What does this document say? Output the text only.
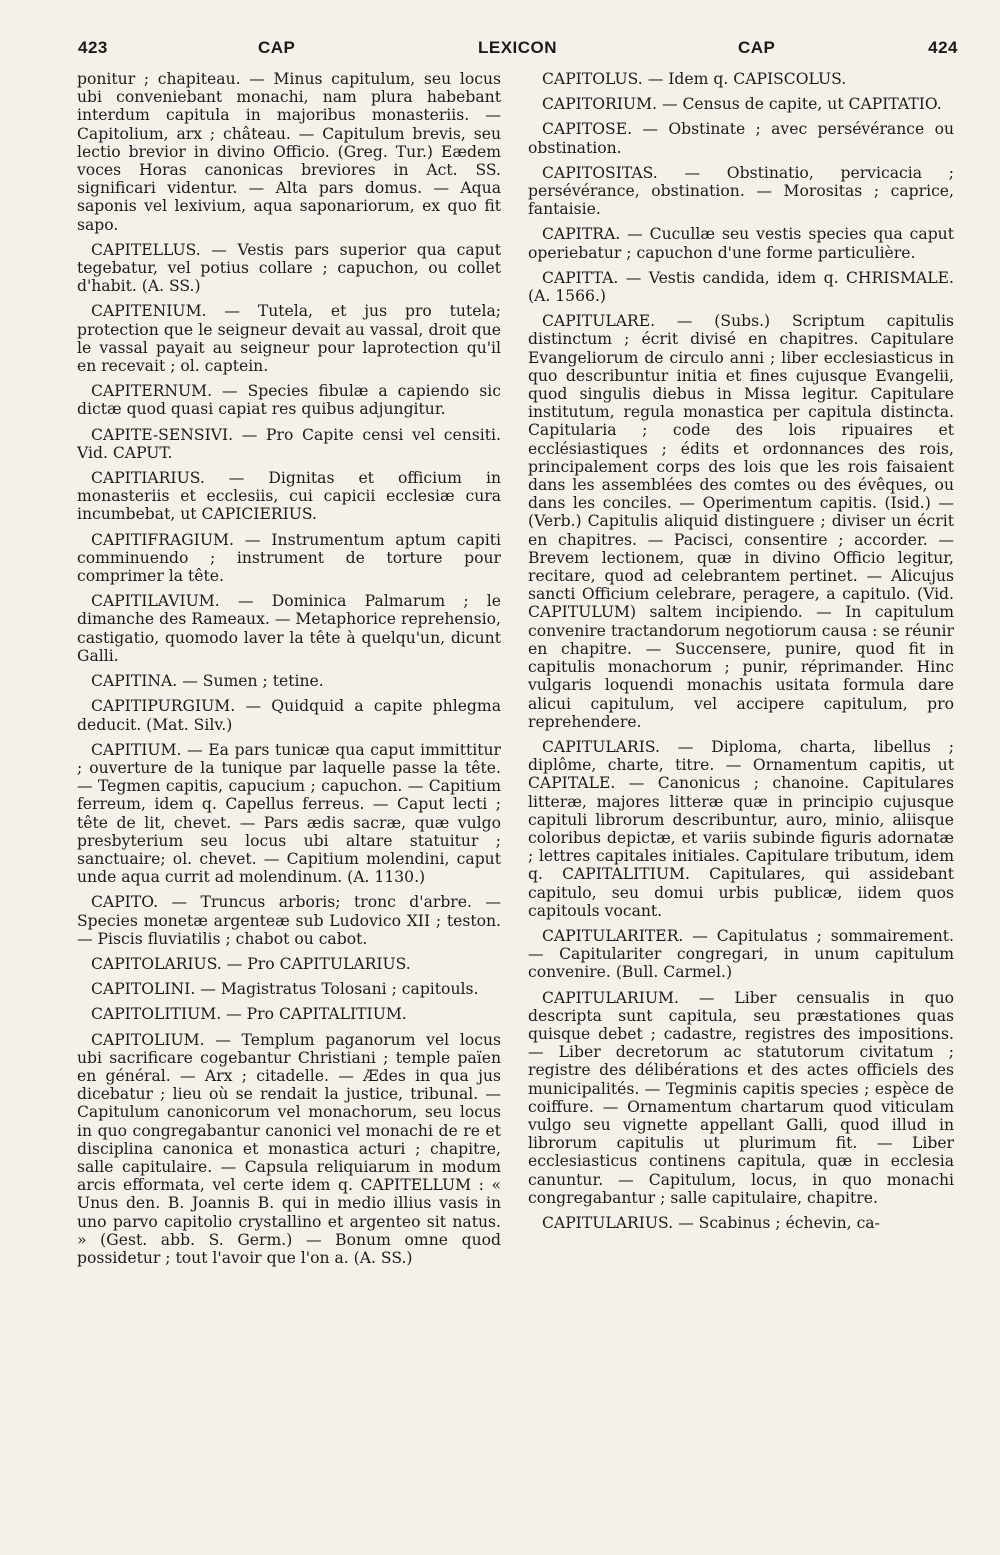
423	CAP	LEXICON	CAP	424

ponitur ; chapiteau. — Minus capitulum, seu locus ubi conveniebant monachi, nam plura habebant interdum capitula in majoribus monasteriis. — Capitolium, arx ; château. — Capitulum brevis, seu lectio brevior in divino Officio. (Greg. Tur.) Eædem voces Horas canonicas breviores in Act. SS. significari videntur. — Alta pars domus. — Aqua saponis vel lexivium, aqua saponariorum, ex quo fit sapo.

CAPITELLUS. — Vestis pars superior qua caput tegebatur, vel potius collare ; capuchon, ou collet d'habit. (A. SS.)

CAPITENIUM. — Tutela, et jus pro tutela; protection que le seigneur devait au vassal, droit que le vassal payait au seigneur pour laprotection qu'il en recevait ; ol. captein.

CAPITERNUM. — Species fibulæ a capiendo sic dictæ quod quasi capiat res quibus adjungitur.

CAPITE-SENSIVI. — Pro Capite censi vel censiti. Vid. CAPUT.

CAPITIARIUS. — Dignitas et officium in monasteriis et ecclesiis, cui capicii ecclesiæ cura incumbebat, ut CAPICIERIUS.

CAPITIFRAGIUM. — Instrumentum aptum capiti comminuendo ; instrument de torture pour comprimer la tête.

CAPITILAVIUM. — Dominica Palmarum ; le dimanche des Rameaux. — Metaphorice reprehensio, castigatio, quomodo laver la tête à quelqu'un, dicunt Galli.

CAPITINA. — Sumen ; tetine.

CAPITIPURGIUM. — Quidquid a capite phlegma deducit. (Mat. Silv.)

CAPITIUM. — Ea pars tunicæ qua caput immittitur ; ouverture de la tunique par laquelle passe la tête. — Tegmen capitis, capucium ; capuchon. — Capitium ferreum, idem q. Capellus ferreus. — Caput lecti ; tête de lit, chevet. — Pars ædis sacræ, quæ vulgo presbyterium seu locus ubi altare statuitur ; sanctuaire; ol. chevet. — Capitium molendini, caput unde aqua currit ad molendinum. (A. 1130.)

CAPITO. — Truncus arboris; tronc d'arbre. — Species monetæ argenteæ sub Ludovico XII ; teston. — Piscis fluviatilis ; chabot ou cabot.

CAPITOLARIUS. — Pro CAPITULARIUS.

CAPITOLINI. — Magistratus Tolosani ; capitouls.

CAPITOLITIUM. — Pro CAPITALITIUM.

CAPITOLIUM. — Templum paganorum vel locus ubi sacrificare cogebantur Christiani ; temple païen en général. — Arx ; citadelle. — Ædes in qua jus dicebatur ; lieu où se rendait la justice, tribunal. — Capitulum canonicorum vel monachorum, seu locus in quo congregabantur canonici vel monachi de re et disciplina canonica et monastica acturi ; chapitre, salle capitulaire. — Capsula reliquiarum in modum arcis efformata, vel certe idem q. CAPITELLUM : « Unus den. B. Joannis B. qui in medio illius vasis in uno parvo capitolio crystallino et argenteo sit natus. » (Gest. abb. S. Germ.) — Bonum omne quod possidetur ; tout l'avoir que l'on a. (A. SS.)

CAPITOLUS. — Idem q. CAPISCOLUS.

CAPITORIUM. — Census de capite, ut CAPITATIO.

CAPITOSE. — Obstinate ; avec persévérance ou obstination.

CAPITOSITAS. — Obstinatio, pervicacia ; persévérance, obstination. — Morositas ; caprice, fantaisie.

CAPITRA. — Cucullæ seu vestis species qua caput operiebatur ; capuchon d'une forme particulière.

CAPITTA. — Vestis candida, idem q. CHRISMALE. (A. 1566.)

CAPITULARE. — (Subs.) Scriptum capitulis distinctum ; écrit divisé en chapitres. Capitulare Evangeliorum de circulo anni ; liber ecclesiasticus in quo describuntur initia et fines cujusque Evangelii, quod singulis diebus in Missa legitur. Capitulare institutum, regula monastica per capitula distincta. Capitularia ; code des lois ripuaires et ecclésiastiques ; édits et ordonnances des rois, principalement corps des lois que les rois faisaient dans les assemblées des comtes ou des évêques, ou dans les conciles. — Operimentum capitis. (Isid.) — (Verb.) Capitulis aliquid distinguere ; diviser un écrit en chapitres. — Pacisci, consentire ; accorder. — Brevem lectionem, quæ in divino Officio legitur, recitare, quod ad celebrantem pertinet. — Alicujus sancti Officium celebrare, peragere, a capitulo. (Vid. CAPITULUM) saltem incipiendo. — In capitulum convenire tractandorum negotiorum causa : se réunir en chapitre. — Succensere, punire, quod fit in capitulis monachorum ; punir, réprimander. Hinc vulgaris loquendi monachis usitata formula dare alicui capitulum, vel accipere capitulum, pro reprehendere.

CAPITULARIS. — Diploma, charta, libellus ; diplôme, charte, titre. — Ornamentum capitis, ut CAPITALE. — Canonicus ; chanoine. Capitulares litteræ, majores litteræ quæ in principio cujusque capituli librorum describuntur, auro, minio, aliisque coloribus depictæ, et variis subinde figuris adornatæ ; lettres capitales initiales. Capitulare tributum, idem q. CAPITALITIUM. Capitulares, qui assidebant capitulo, seu domui urbis publicæ, iidem quos capitouls vocant.

CAPITULARITER. — Capitulatus ; sommairement. — Capitulariter congregari, in unum capitulum convenire. (Bull. Carmel.)

CAPITULARIUM. — Liber censualis in quo descripta sunt capitula, seu præstationes quas quisque debet ; cadastre, registres des impositions. — Liber decretorum ac statutorum civitatum ; registre des délibérations et des actes officiels des municipalités. — Tegminis capitis species ; espèce de coiffure. — Ornamentum chartarum quod viticulam vulgo seu vignette appellant Galli, quod illud in librorum capitulis ut plurimum fit. — Liber ecclesiasticus continens capitula, quæ in ecclesia canuntur. — Capitulum, locus, in quo monachi congregabantur ; salle capitulaire, chapitre.

CAPITULARIUS. — Scabinus ; échevin, ca-
